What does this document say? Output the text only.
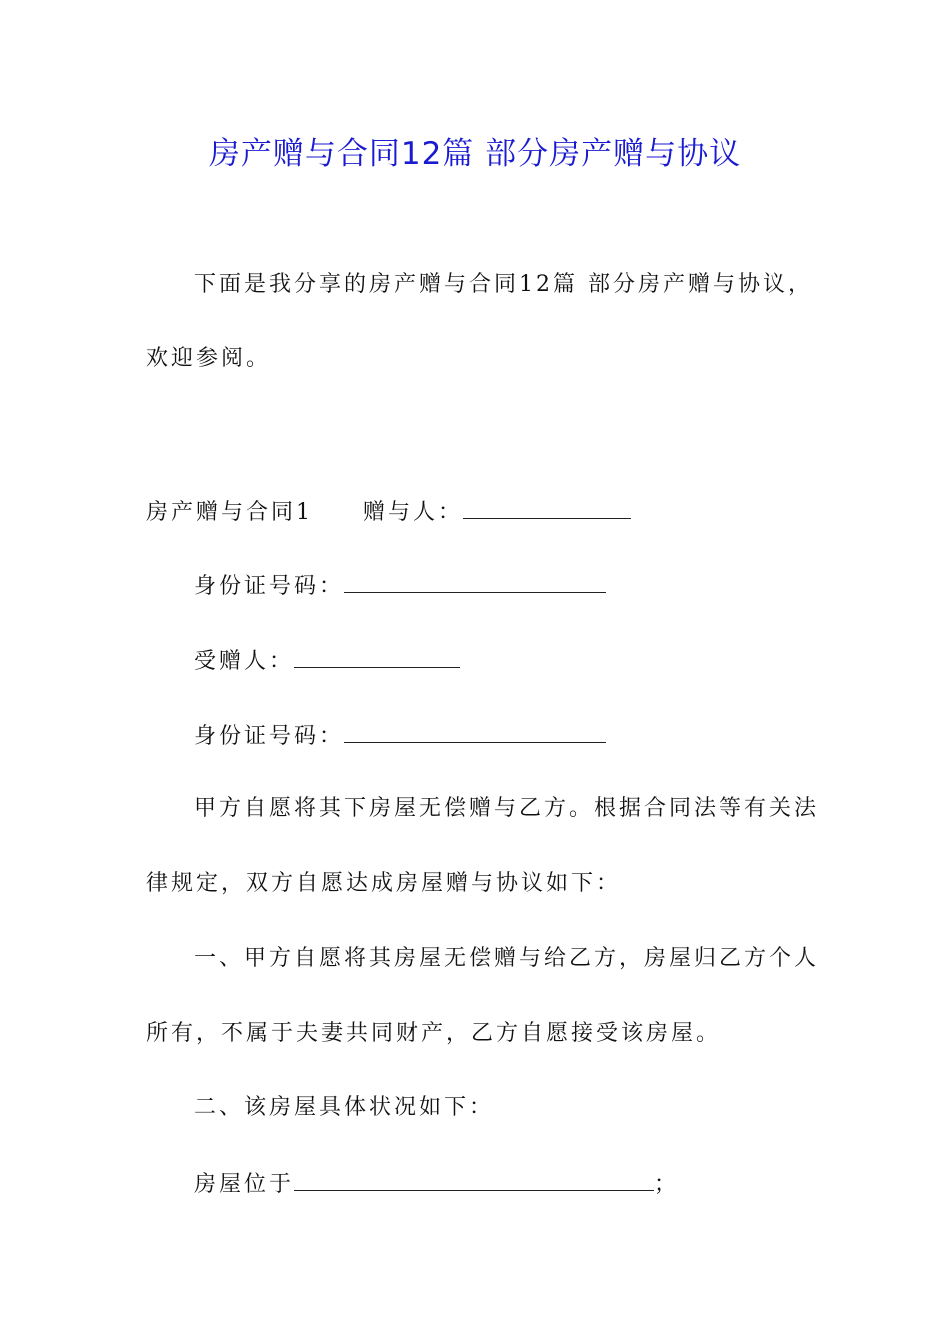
房产赠与合同12篇 部分房产赠与协议
下面是我分享的房产赠与合同12篇 部分房产赠与协议，
欢迎参阅。
房产赠与合同1 赠与人：
身份证号码：
受赠人：
身份证号码：
甲方自愿将其下房屋无偿赠与乙方。根据合同法等有关法
律规定，双方自愿达成房屋赠与协议如下：
一、甲方自愿将其房屋无偿赠与给乙方，房屋归乙方个人
所有，不属于夫妻共同财产，乙方自愿接受该房屋。
二、该房屋具体状况如下：
房屋位于	；
